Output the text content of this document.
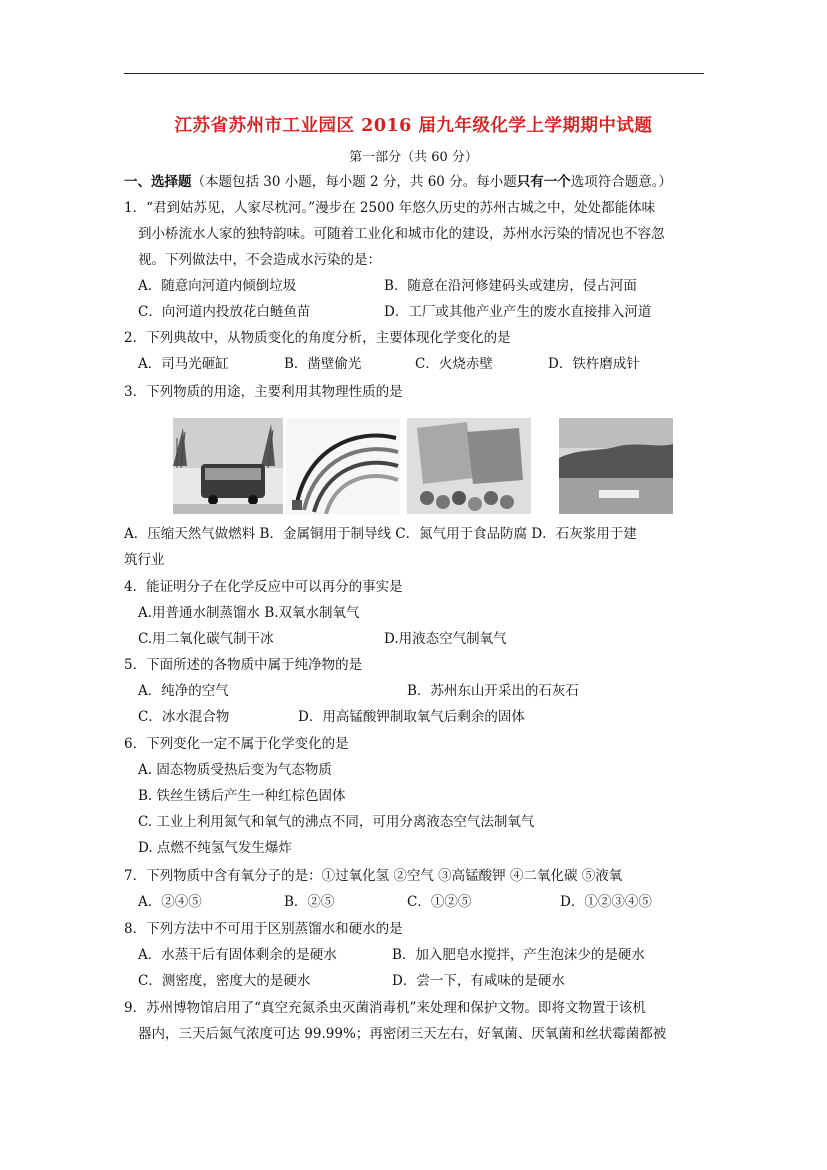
江苏省苏州市工业园区 2016 届九年级化学上学期期中试题
第一部分（共 60 分）
一、选择题（本题包括 30 小题，每小题 2 分，共 60 分。每小题只有一个选项符合题意。）
1．“君到姑苏见，人家尽枕河。”漫步在 2500 年悠久历史的苏州古城之中，处处都能体味
到小桥流水人家的独特韵味。可随着工业化和城市化的建设，苏州水污染的情况也不容忽
视。下列做法中，不会造成水污染的是：
A．随意向河道内倾倒垃圾	B．随意在沿河修建码头或建房，侵占河面
C．向河道内投放花白鲢鱼苗	D．工厂或其他产业产生的废水直接排入河道
2．下列典故中，从物质变化的角度分析，主要体现化学变化的是
A．司马光砸缸	B．凿壁偷光	C．火烧赤壁	D．铁杵磨成针
3．下列物质的用途，主要利用其物理性质的是
A．压缩天然气做燃料 B．金属铜用于制导线 C．氮气用于食品防腐 D．石灰浆用于建
筑行业
4．能证明分子在化学反应中可以再分的事实是
A.用普通水制蒸馏水 B.双氧水制氧气
C.用二氧化碳气制干冰	D.用液态空气制氧气
5．下面所述的各物质中属于纯净物的是
A．纯净的空气	B．苏州东山开采出的石灰石
C．冰水混合物	D．用高锰酸钾制取氧气后剩余的固体
6．下列变化一定不属于化学变化的是
A. 固态物质受热后变为气态物质
B. 铁丝生锈后产生一种红棕色固体
C. 工业上利用氮气和氧气的沸点不同，可用分离液态空气法制氧气
D. 点燃不纯氢气发生爆炸
7．下列物质中含有氧分子的是：①过氧化氢 ②空气 ③高锰酸钾 ④二氧化碳 ⑤液氧
A．②④⑤	B．②⑤	C．①②⑤	D．①②③④⑤
8．下列方法中不可用于区别蒸馏水和硬水的是
A．水蒸干后有固体剩余的是硬水	B．加入肥皂水搅拌，产生泡沫少的是硬水
C．测密度，密度大的是硬水	D．尝一下，有咸味的是硬水
9．苏州博物馆启用了“真空充氮杀虫灭菌消毒机”来处理和保护文物。即将文物置于该机
器内，三天后氮气浓度可达 99.99%；再密闭三天左右，好氧菌、厌氧菌和丝状霉菌都被
